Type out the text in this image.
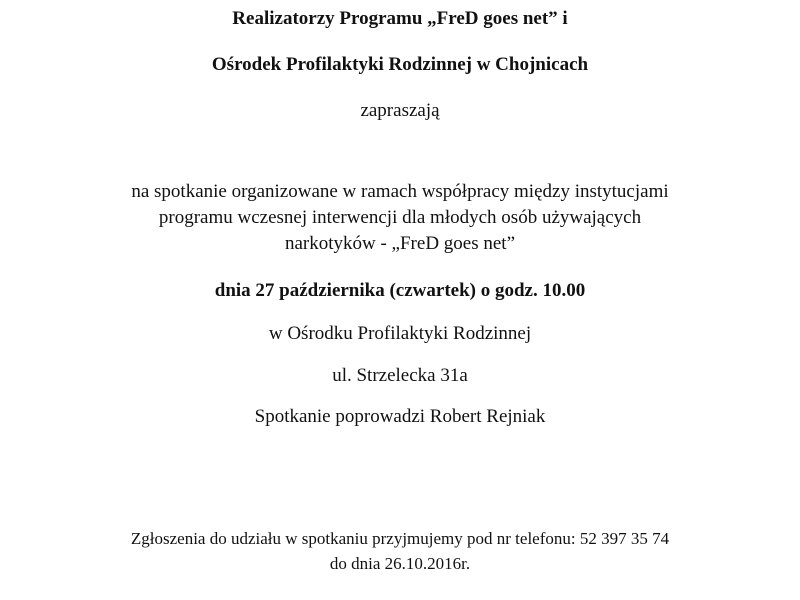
Realizatorzy Programu „FreD goes net” i
Ośrodek Profilaktyki Rodzinnej w Chojnicach
zapraszają
na spotkanie organizowane w ramach współpracy między instytucjami
programu wczesnej interwencji dla młodych osób używających
narkotyków - „FreD goes net”
dnia 27 października (czwartek) o godz. 10.00
w Ośrodku Profilaktyki Rodzinnej
ul. Strzelecka 31a
Spotkanie poprowadzi Robert Rejniak
Zgłoszenia do udziału w spotkaniu przyjmujemy pod nr telefonu: 52 397 35 74
do dnia 26.10.2016r.
